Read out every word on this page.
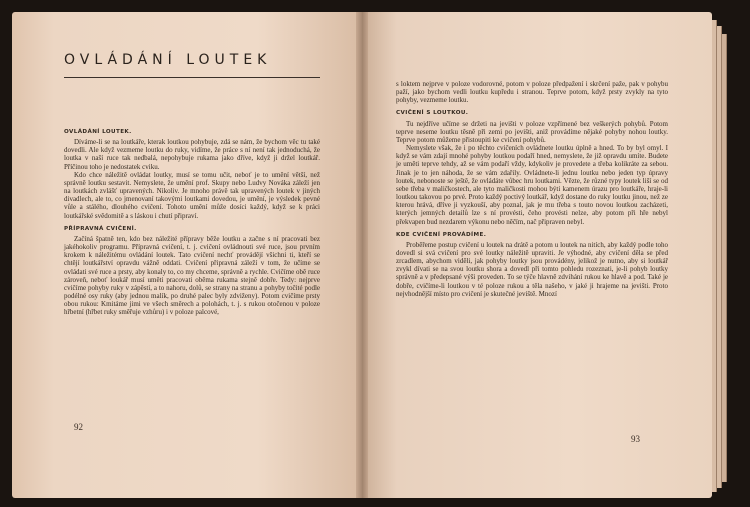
OVLÁDÁNÍ LOUTEK

OVLÁDÁNÍ LOUTEK.

Díváme-li se na loutkáře, kterak loutkou pohybuje, zdá se nám, že bychom věc tu také dovedli. Ale když vezmeme loutku do ruky, vidíme, že práce s ní není tak jednoduchá, že loutka v naší ruce tak nedbalá, nepohybuje rukama jako dříve, když ji držel loutkář. Příčinou toho je nedostatek cviku.

Kdo chce náležitě ovládat loutky, musí se tomu učit, neboť je to umění větší, než správně loutku sestavit. Nemyslete, že umění prof. Skupy nebo Ludvy Nováka záleží jen na loutkách zvlášť upravených. Nikoliv. Je mnoho právě tak upravených loutek v jiných divadlech, ale to, co jmenovaní takovými loutkami dovedou, je umění, je výsledek pevné vůle a stálého, dlouhého cvičení. Tohoto umění může dosíci každý, když se k práci loutkářské svědomitě a s láskou i chutí připraví.

PŘÍPRAVNÁ CVIČENÍ.

Začíná špatně ten, kdo bez náležité přípravy běže loutku a začne s ní pracovati bez jakéhokoliv programu. Přípravná cvičení, t. j. cvičení ovládnouti své ruce, jsou prvním krokem k náležitému ovládání loutek. Tato cvičení nechť provádějí všichni ti, kteří se chtějí loutkářství opravdu vážně oddati. Cvičení připravná záleží v tom, že učíme se ovládati své ruce a prsty, aby konaly to, co my chceme, správně a rychle. Cvičíme obě ruce zároveň, neboť loukář musí uměti pracovati oběma rukama stejně dobře. Tedy: nejprve cvičíme pohyby ruky v zápěstí, a to nahoru, dolů, se strany na stranu a pohyby točité podle podélné osy ruky (aby jednou malík, po druhé palec byly zdviženy). Potom cvičíme prsty obou rukou: Kmitáme jimi ve všech směrech a polohách, t. j. s rukou otočenou v poloze hřbetní (hřbet ruky směřuje vzhůru) i v poloze palcové,

s loktem nejprve v poloze vodorovné, potom v poloze předpažení i skrčení paže, pak v pohybu paží, jako bychom vedli loutku kupředu i stranou. Teprve potom, když prsty zvykly na tyto pohyby, vezmeme loutku.

CVIČENÍ S LOUTKOU.

Tu nejdříve učíme se držeti na jevišti v poloze vzpřímené bez veškerých pohybů. Potom teprve neseme loutku těsně při zemi po jevišti, aniž provádíme nějaké pohyby nohou loutky. Teprve potom můžeme přistoupiti ke cvičení pohybů.

Nemyslete však, že i po těchto cvičeních ovládnete loutku úplně a hned. To by byl omyl. I když se vám zdají mnohé pohyby loutkou podaří hned, nemyslete, že již opravdu umíte. Budete je uměti teprve tehdy, až se vám podaří vždy, kdykoliv je provedete a třeba kolikráte za sebou. Jinak je to jen náhoda, že se vám zdařily. Ovládnete-li jednu loutku nebo jeden typ úpravy loutek, nebonoste se ještě, že ovládáte vůbec hru loutkami. Vězte, že různé typy loutek liší se od sebe třeba v maličkostech, ale tyto maličkosti mohou býti kamenem úrazu pro loutkáře, hraje-li loutkou takovou po prvé. Proto každý poctivý loutkář, když dostane do ruky loutku jinou, než ze kterou hrává, dříve ji vyzkouší, aby poznal, jak je mu třeba s touto novou loutkou zacházeti, kterých jemných detailů lze s ní provésti, čeho provésti nelze, aby potom při hře nebyl překvapen bud nezdarem výkonu nebo něčím, nač připraven nebyl.

KDE CVIČENÍ PROVÁDÍME.

Proběřeme postup cvičení u loutek na drátě a potom u loutek na nitích, aby každý podle toho dovedl si svá cvičení pro své loutky náležitě upraviti. Je výhodné, aby cvičení děla se před zrcadlem, abychom viděli, jak pohyby loutky jsou provádény, jelikož je nutno, aby si loutkář zvykl dívati se na svou loutku shora a dovedl při tomto pohledu rozeznati, je-li pohyb loutky správně a v předepsané výši proveden. To se týče hlavně zdvihání rukou ke hlavě a pod. Také je dobře, cvičíme-li loutkou v té poloze rukou a těla našeho, v jaké ji hrajeme na jevišti. Proto nejvhodnější místo pro cvičení je skutečné jeviště. Mnozí

92
93
